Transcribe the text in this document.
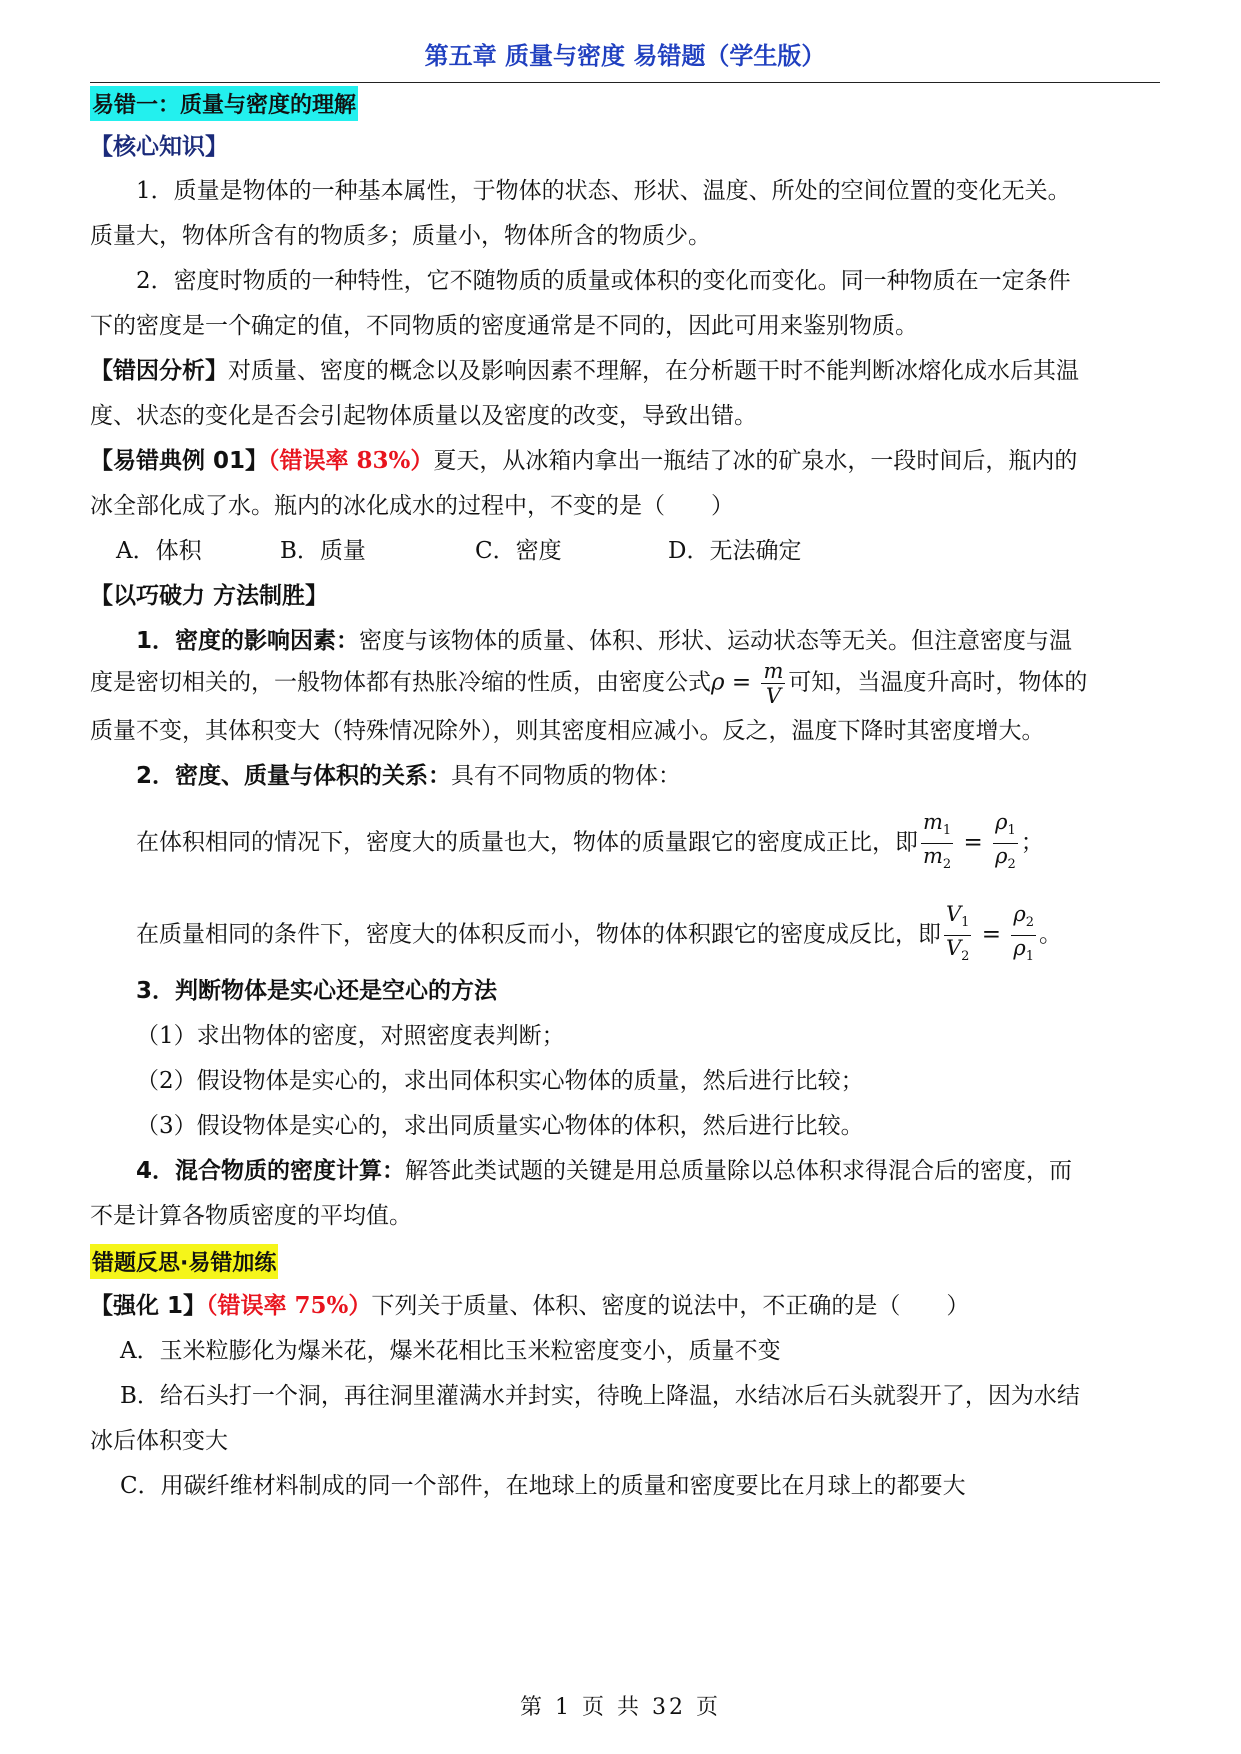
第五章 质量与密度 易错题（学生版）
易错一：质量与密度的理解
【核心知识】
1．质量是物体的一种基本属性，于物体的状态、形状、温度、所处的空间位置的变化无关。
质量大，物体所含有的物质多；质量小，物体所含的物质少。
2．密度时物质的一种特性，它不随物质的质量或体积的变化而变化。同一种物质在一定条件
下的密度是一个确定的值，不同物质的密度通常是不同的，因此可用来鉴别物质。
【错因分析】对质量、密度的概念以及影响因素不理解，在分析题干时不能判断冰熔化成水后其温
度、状态的变化是否会引起物体质量以及密度的改变，导致出错。
【易错典例 01】（错误率 83%）夏天，从冰箱内拿出一瓶结了冰的矿泉水，一段时间后，瓶内的
冰全部化成了水。瓶内的冰化成水的过程中，不变的是（　　）
A．体积	B．质量	C．密度	D．无法确定
【以巧破力 方法制胜】
1．密度的影响因素：密度与该物体的质量、体积、形状、运动状态等无关。但注意密度与温
度是密切相关的，一般物体都有热胀冷缩的性质，由密度公式$\rho = \frac{m}{V}$ 可知，当温度升高时，物体的
质量不变，其体积变大（特殊情况除外），则其密度相应减小。反之，温度下降时其密度增大。
2．密度、质量与体积的关系：具有不同物质的物体：
在体积相同的情况下，密度大的质量也大，物体的质量跟它的密度成正比，即 $\frac{m_1}{m_2} = \frac{\rho_1}{\rho_2}$ ；
在质量相同的条件下，密度大的体积反而小，物体的体积跟它的密度成反比，即 $\frac{V_1}{V_2} = \frac{\rho_2}{\rho_1}$ 。
3．判断物体是实心还是空心的方法
（1）求出物体的密度，对照密度表判断；
（2）假设物体是实心的，求出同体积实心物体的质量，然后进行比较；
（3）假设物体是实心的，求出同质量实心物体的体积，然后进行比较。
4．混合物质的密度计算：解答此类试题的关键是用总质量除以总体积求得混合后的密度，而
不是计算各物质密度的平均值。
错题反思·易错加练
【强化 1】（错误率 75%）下列关于质量、体积、密度的说法中，不正确的是（　　）
A．玉米粒膨化为爆米花，爆米花相比玉米粒密度变小，质量不变
B．给石头打一个洞，再往洞里灌满水并封实，待晚上降温，水结冰后石头就裂开了，因为水结
冰后体积变大
C．用碳纤维材料制成的同一个部件，在地球上的质量和密度要比在月球上的都要大
第 1 页 共 32 页
